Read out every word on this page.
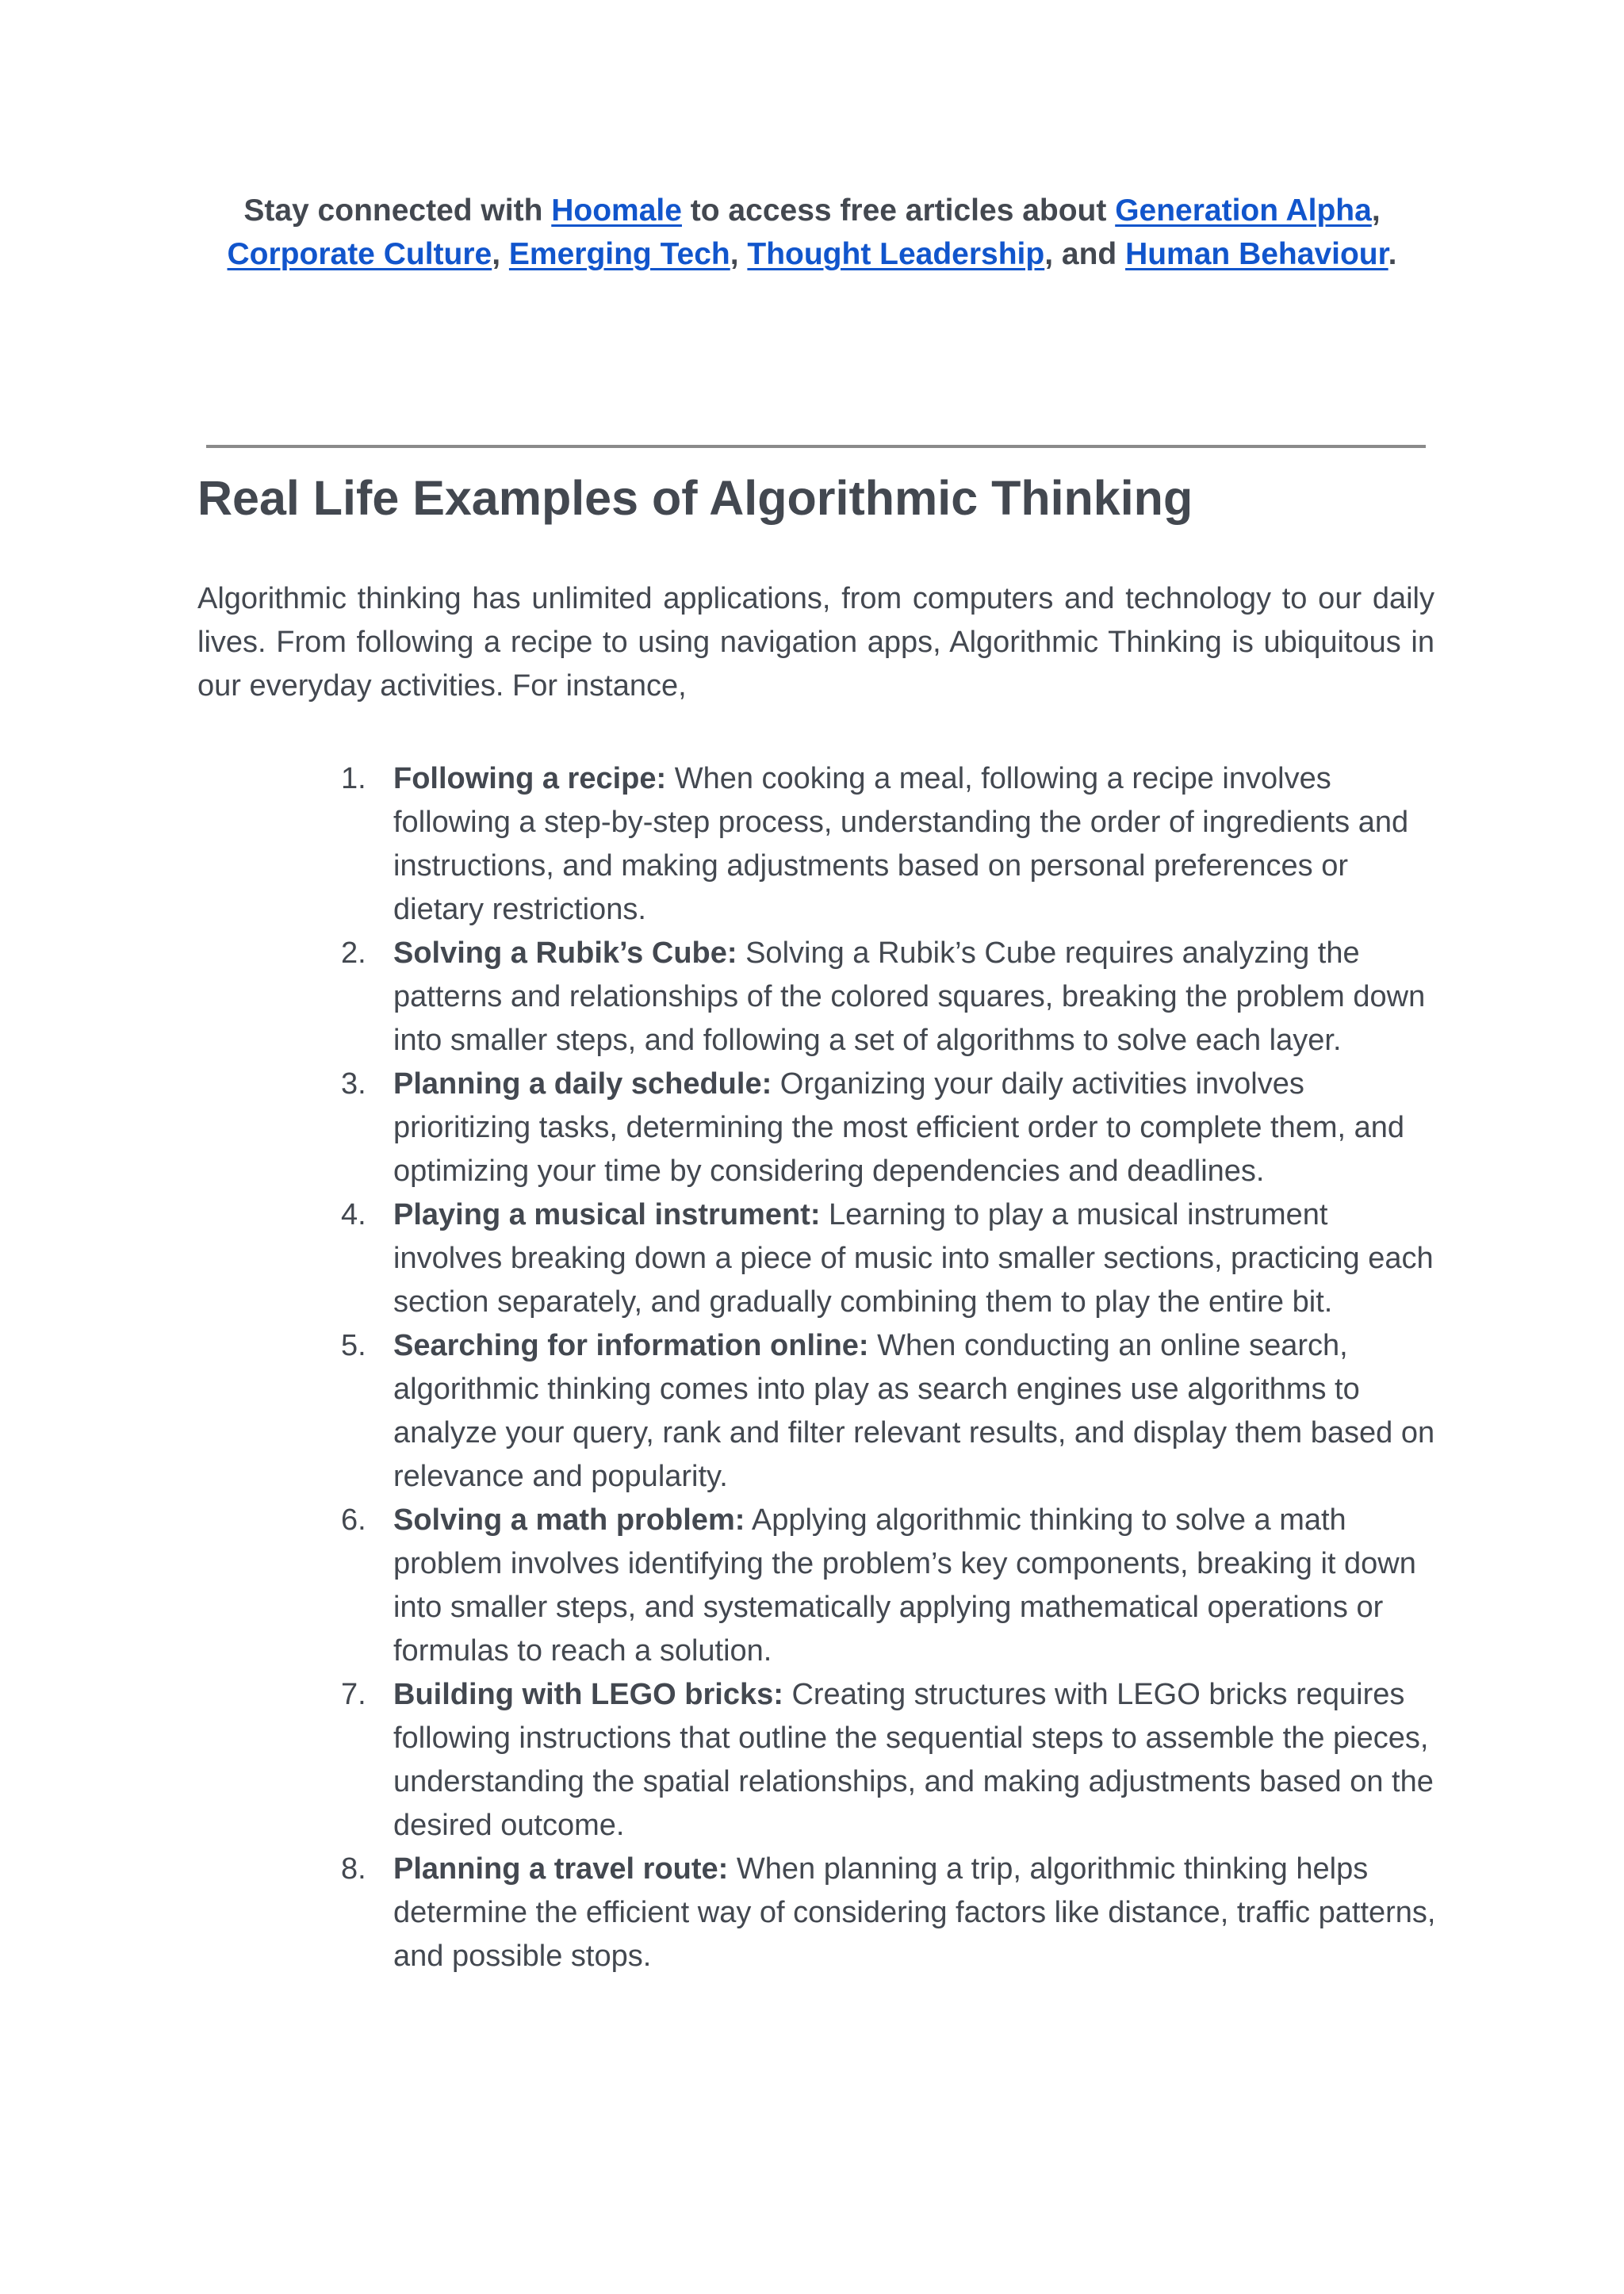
Stay connected with Hoomale to access free articles about Generation Alpha,
Corporate Culture, Emerging Tech, Thought Leadership, and Human Behaviour.
Real Life Examples of Algorithmic Thinking

Algorithmic thinking has unlimited applications, from computers and technology to our daily lives. From following a recipe to using navigation apps, Algorithmic Thinking is ubiquitous in our everyday activities. For instance,

1. Following a recipe: When cooking a meal, following a recipe involves following a step-by-step process, understanding the order of ingredients and instructions, and making adjustments based on personal preferences or dietary restrictions.
2. Solving a Rubik’s Cube: Solving a Rubik’s Cube requires analyzing the patterns and relationships of the colored squares, breaking the problem down into smaller steps, and following a set of algorithms to solve each layer.
3. Planning a daily schedule: Organizing your daily activities involves prioritizing tasks, determining the most efficient order to complete them, and optimizing your time by considering dependencies and deadlines.
4. Playing a musical instrument: Learning to play a musical instrument involves breaking down a piece of music into smaller sections, practicing each section separately, and gradually combining them to play the entire bit.
5. Searching for information online: When conducting an online search, algorithmic thinking comes into play as search engines use algorithms to analyze your query, rank and filter relevant results, and display them based on relevance and popularity.
6. Solving a math problem: Applying algorithmic thinking to solve a math problem involves identifying the problem’s key components, breaking it down into smaller steps, and systematically applying mathematical operations or formulas to reach a solution.
7. Building with LEGO bricks: Creating structures with LEGO bricks requires following instructions that outline the sequential steps to assemble the pieces, understanding the spatial relationships, and making adjustments based on the desired outcome.
8. Planning a travel route: When planning a trip, algorithmic thinking helps determine the efficient way of considering factors like distance, traffic patterns, and possible stops.
